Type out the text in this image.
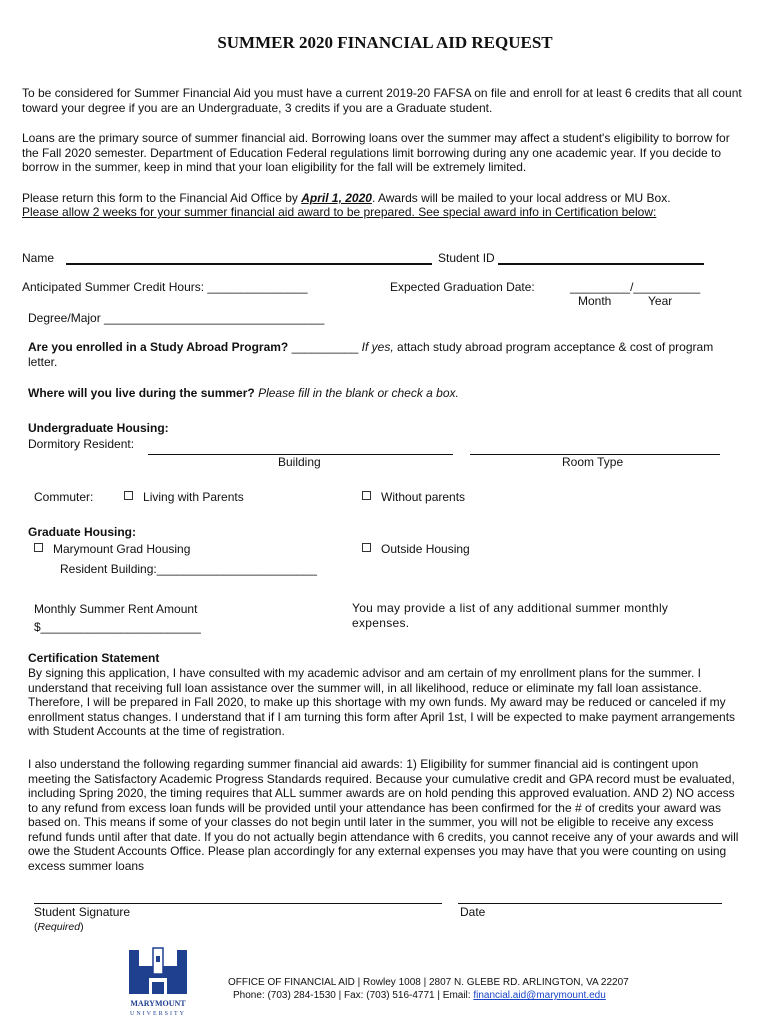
SUMMER 2020 FINANCIAL AID REQUEST
To be considered for Summer Financial Aid you must have a current 2019-20 FAFSA on file and enroll for at least 6 credits that all count toward your degree if you are an Undergraduate, 3 credits if you are a Graduate student.
Loans are the primary source of summer financial aid. Borrowing loans over the summer may affect a student's eligibility to borrow for the Fall 2020 semester. Department of Education Federal regulations limit borrowing during any one academic year. If you decide to borrow in the summer, keep in mind that your loan eligibility for the fall will be extremely limited.
Please return this form to the Financial Aid Office by April 1, 2020. Awards will be mailed to your local address or MU Box.
Please allow 2 weeks for your summer financial aid award to be prepared. See special award info in Certification below:
Name	Student ID
Anticipated Summer Credit Hours: _______________	Expected Graduation Date:	_________/__________
Month	Year
Degree/Major _________________________________
Are you enrolled in a Study Abroad Program? __________ If yes, attach study abroad program acceptance & cost of program letter.
Where will you live during the summer? Please fill in the blank or check a box.
Undergraduate Housing:
Dormitory Resident:
Building	Room Type
Commuter:	Living with Parents	Without parents
Graduate Housing:
Marymount Grad Housing	Outside Housing
Resident Building:________________________
Monthly Summer Rent Amount
$________________________
You may provide a list of any additional summer monthly expenses.
Certification Statement
By signing this application, I have consulted with my academic advisor and am certain of my enrollment plans for the summer. I understand that receiving full loan assistance over the summer will, in all likelihood, reduce or eliminate my fall loan assistance. Therefore, I will be prepared in Fall 2020, to make up this shortage with my own funds. My award may be reduced or canceled if my enrollment status changes. I understand that if I am turning this form after April 1st, I will be expected to make payment arrangements with Student Accounts at the time of registration.
I also understand the following regarding summer financial aid awards: 1) Eligibility for summer financial aid is contingent upon meeting the Satisfactory Academic Progress Standards required. Because your cumulative credit and GPA record must be evaluated, including Spring 2020, the timing requires that ALL summer awards are on hold pending this approved evaluation. AND 2) NO access to any refund from excess loan funds will be provided until your attendance has been confirmed for the # of credits your award was based on. This means if some of your classes do not begin until later in the summer, you will not be eligible to receive any excess refund funds until after that date. If you do not actually begin attendance with 6 credits, you cannot receive any of your awards and will owe the Student Accounts Office. Please plan accordingly for any external expenses you may have that you were counting on using excess summer loans
Student Signature
(Required)
Date
MARYMOUNT
UNIVERSITY
OFFICE OF FINANCIAL AID | Rowley 1008 | 2807 N. GLEBE RD. ARLINGTON, VA 22207
Phone: (703) 284-1530 | Fax: (703) 516-4771 | Email: financial.aid@marymount.edu
